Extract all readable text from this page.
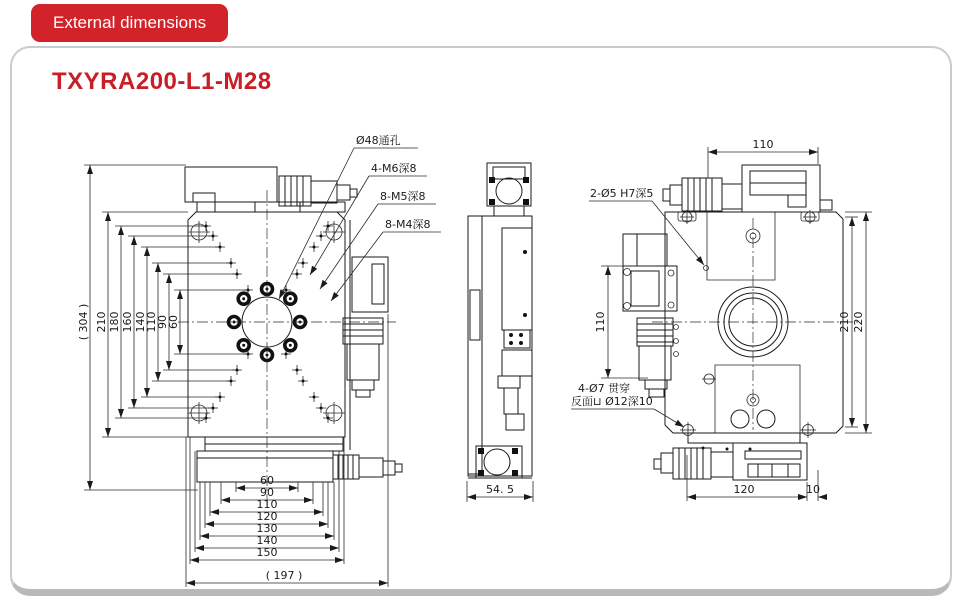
External dimensions
TXYRA200-L1-M28
Ø48通孔
4-M6深8
8-M5深8
8-M4深8
( 304 ) 210 180 160 140
110
90
60
60
90
110
120
130
140
150
( 197 )
54. 5
110
110	210 220
120	10
2-Ø5 H7深5
4-Ø7 贯穿
反面⊔ Ø12深10
